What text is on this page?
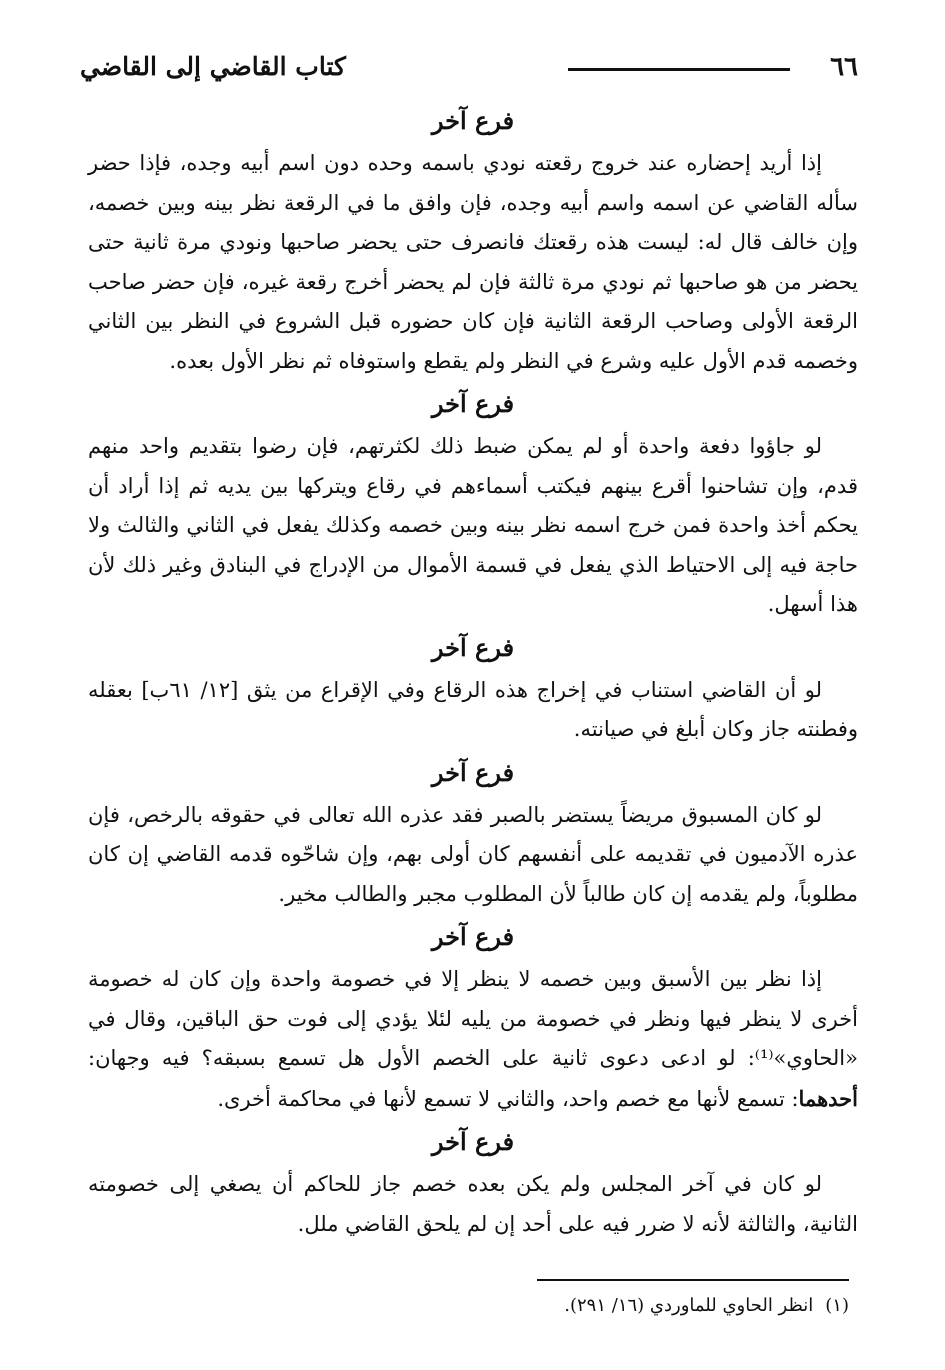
٦٦
كتاب القاضي إلى القاضي
فرع آخر

إذا أريد إحضاره عند خروج رقعته نودي باسمه وحده دون اسم أبيه وجده، فإذا حضر سأله القاضي عن اسمه واسم أبيه وجده، فإن وافق ما في الرقعة نظر بينه وبين خصمه، وإن خالف قال له: ليست هذه رقعتك فانصرف حتى يحضر صاحبها ونودي مرة ثانية حتى يحضر من هو صاحبها ثم نودي مرة ثالثة فإن لم يحضر أخرج رقعة غيره، فإن حضر صاحب الرقعة الأولى وصاحب الرقعة الثانية فإن كان حضوره قبل الشروع في النظر بين الثاني وخصمه قدم الأول عليه وشرع في النظر ولم يقطع واستوفاه ثم نظر الأول بعده.

فرع آخر

لو جاؤوا دفعة واحدة أو لم يمكن ضبط ذلك لكثرتهم، فإن رضوا بتقديم واحد منهم قدم، وإن تشاحنوا أقرع بينهم فيكتب أسماءهم في رقاع ويتركها بين يديه ثم إذا أراد أن يحكم أخذ واحدة فمن خرج اسمه نظر بينه وبين خصمه وكذلك يفعل في الثاني والثالث ولا حاجة فيه إلى الاحتياط الذي يفعل في قسمة الأموال من الإدراج في البنادق وغير ذلك لأن هذا أسهل.

فرع آخر

لو أن القاضي استناب في إخراج هذه الرقاع وفي الإقراع من يثق [١٢/ ٦١ب] بعقله وفطنته جاز وكان أبلغ في صيانته.

فرع آخر

لو كان المسبوق مريضاً يستضر بالصبر فقد عذره الله تعالى في حقوقه بالرخص، فإن عذره الآدميون في تقديمه على أنفسهم كان أولى بهم، وإن شاحّوه قدمه القاضي إن كان مطلوباً، ولم يقدمه إن كان طالباً لأن المطلوب مجبر والطالب مخير.

فرع آخر

إذا نظر بين الأسبق وبين خصمه لا ينظر إلا في خصومة واحدة وإن كان له خصومة أخرى لا ينظر فيها ونظر في خصومة من يليه لئلا يؤدي إلى فوت حق الباقين، وقال في «الحاوي»⁽¹⁾: لو ادعى دعوى ثانية على الخصم الأول هل تسمع بسبقه؟ فيه وجهان: أحدهما: تسمع لأنها مع خصم واحد، والثاني لا تسمع لأنها في محاكمة أخرى.

فرع آخر

لو كان في آخر المجلس ولم يكن بعده خصم جاز للحاكم أن يصغي إلى خصومته الثانية، والثالثة لأنه لا ضرر فيه على أحد إن لم يلحق القاضي ملل.

(١)انظر الحاوي للماوردي (١٦/ ٢٩١).
